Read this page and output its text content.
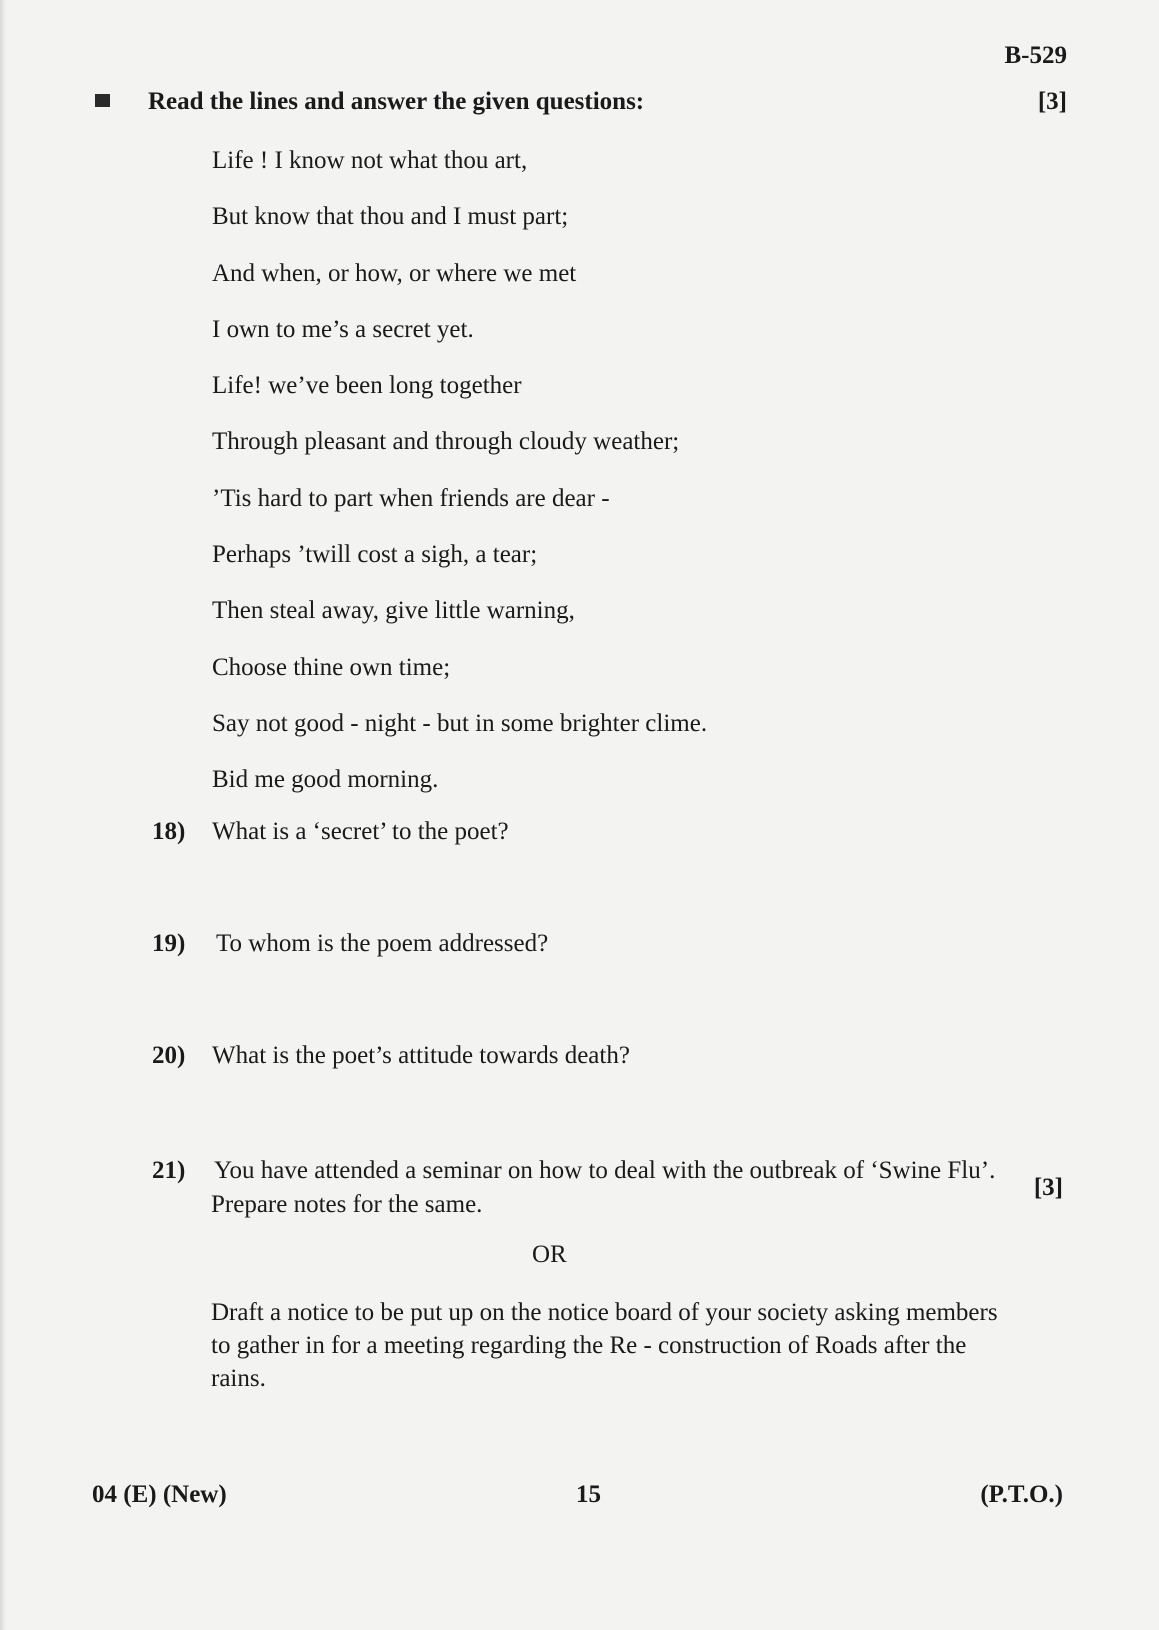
B-529
Read the lines and answer the given questions:	[3]
Life ! I know not what thou art,
But know that thou and I must part;
And when, or how, or where we met
I own to me’s a secret yet.
Life! we’ve been long together
Through pleasant and through cloudy weather;
’Tis hard to part when friends are dear -
Perhaps ’twill cost a sigh, a tear;
Then steal away, give little warning,
Choose thine own time;
Say not good - night - but in some brighter clime.
Bid me good morning.
18) What is a ‘secret’ to the poet?
19) To whom is the poem addressed?
20) What is the poet’s attitude towards death?
21) You have attended a seminar on how to deal with the outbreak of ‘Swine Flu’.
Prepare notes for the same.
[3]
OR
Draft a notice to be put up on the notice board of your society asking members to gather in for a meeting regarding the Re - construction of Roads after the rains.
04 (E) (New)	15	(P.T.O.)
